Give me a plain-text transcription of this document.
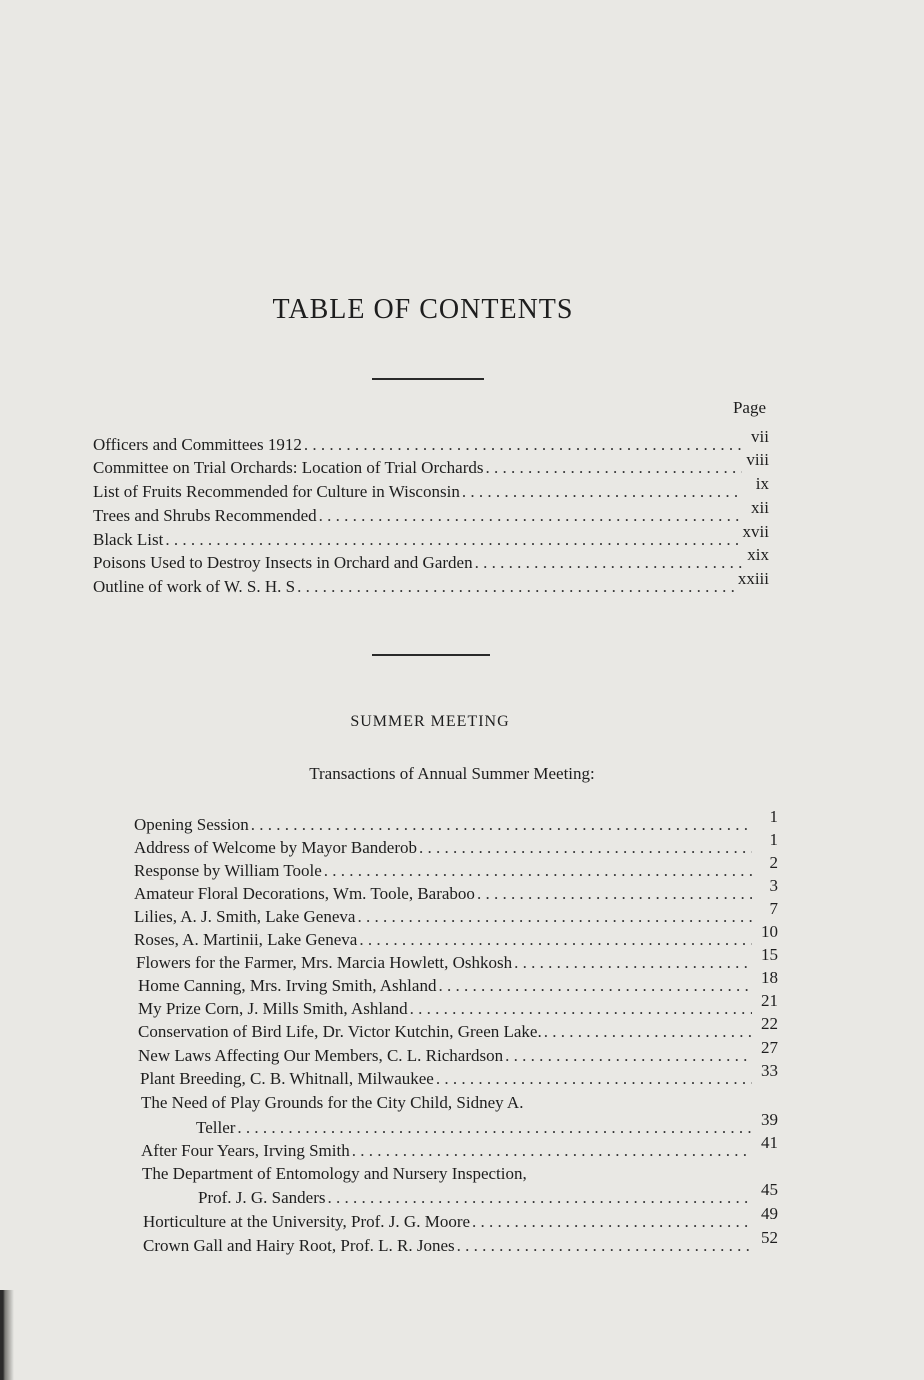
TABLE OF CONTENTS
Page
Officers and Committees 1912 . . .	vii
Committee on Trial Orchards: Location of Trial Orchards . . .	viii
List of Fruits Recommended for Culture in Wisconsin . . .	ix
Trees and Shrubs Recommended . . .	xii
Black List . . .	xvii
Poisons Used to Destroy Insects in Orchard and Garden . . .	xix
Outline of work of W. S. H. S . . .	xxiii
SUMMER MEETING
Transactions of Annual Summer Meeting:
Opening Session . . .	1
Address of Welcome by Mayor Banderob . . .	1
Response by William Toole . . .	2
Amateur Floral Decorations, Wm. Toole, Baraboo . . .	3
Lilies, A. J. Smith, Lake Geneva . . .	7
Roses, A. Martinii, Lake Geneva . . .	10
Flowers for the Farmer, Mrs. Marcia Howlett, Oshkosh . . .	15
Home Canning, Mrs. Irving Smith, Ashland . . .	18
My Prize Corn, J. Mills Smith, Ashland . . .	21
Conservation of Bird Life, Dr. Victor Kutchin, Green Lake. . . .	22
New Laws Affecting Our Members, C. L. Richardson . . .	27
Plant Breeding, C. B. Whitnall, Milwaukee . . .	33
The Need of Play Grounds for the City Child, Sidney A.
Teller . . .	39
After Four Years, Irving Smith . . .	41
The Department of Entomology and Nursery Inspection,
Prof. J. G. Sanders . . .	45
Horticulture at the University, Prof. J. G. Moore . . .	49
Crown Gall and Hairy Root, Prof. L. R. Jones . . .	52
